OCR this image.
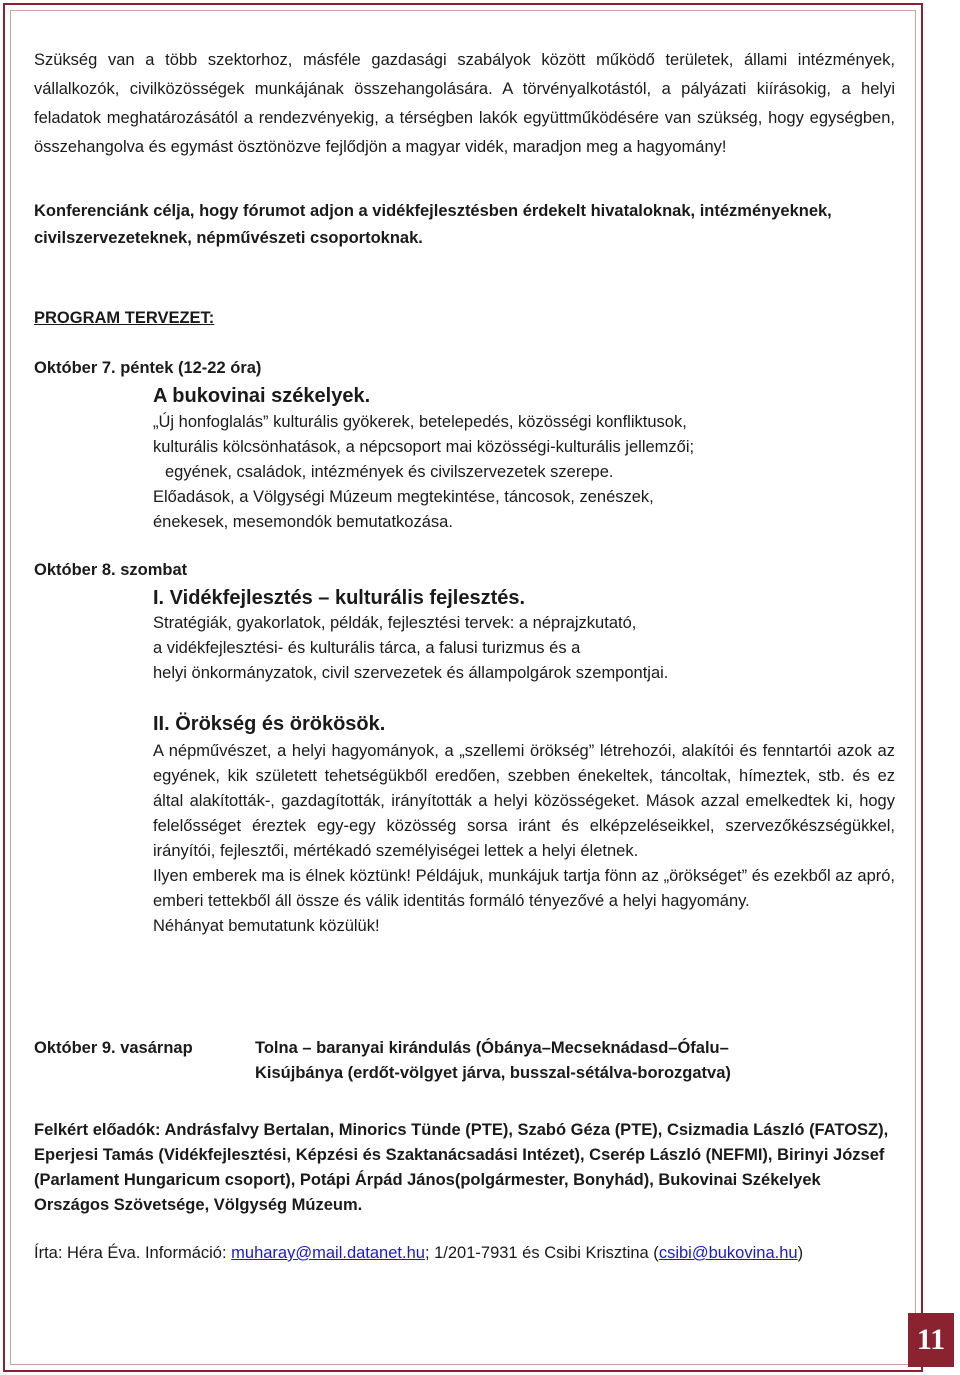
Szükség van a több szektorhoz, másféle gazdasági szabályok között működő területek, állami intézmények, vállalkozók, civilközösségek munkájának összehangolására. A törvényalkotástól, a pályázati kiírásokig, a helyi feladatok meghatározásától a rendezvényekig, a térségben lakók együttműködésére van szükség, hogy egységben, összehangolva és egymást ösztönözve fejlődjön a magyar vidék, maradjon meg a hagyomány!

Konferenciánk célja, hogy fórumot adjon a vidékfejlesztésben érdekelt hivataloknak, intézményeknek, civilszervezeteknek, népművészeti csoportoknak.

PROGRAM TERVEZET:

Október 7. péntek (12-22 óra)

A bukovinai székelyek.

„Új honfoglalás” kulturális gyökerek, betelepedés, közösségi konfliktusok,
kulturális kölcsönhatások, a népcsoport mai közösségi-kulturális jellemzői;
egyének, családok, intézmények és civilszervezetek szerepe.
Előadások, a Völgységi Múzeum megtekintése, táncosok, zenészek,
énekesek, mesemondók bemutatkozása.

Október 8. szombat

I. Vidékfejlesztés – kulturális fejlesztés.

Stratégiák, gyakorlatok, példák, fejlesztési tervek: a néprajzkutató,
a vidékfejlesztési- és kulturális tárca, a falusi turizmus és a
helyi önkormányzatok, civil szervezetek és állampolgárok szempontjai.

II. Örökség és örökösök.

A népművészet, a helyi hagyományok, a „szellemi örökség” létrehozói, alakítói és fenntartói azok az egyének, kik született tehetségükből eredően, szebben énekeltek, táncoltak, hímeztek, stb. és ez által alakították-, gazdagították, irányították a helyi közösségeket. Mások azzal emelkedtek ki, hogy felelősséget éreztek egy-egy közösség sorsa iránt és elképzeléseikkel, szervezőkészségükkel, irányítói, fejlesztői, mértékadó személyiségei lettek a helyi életnek.

Ilyen emberek ma is élnek köztünk! Példájuk, munkájuk tartja fönn az „örökséget” és ezekből az apró, emberi tettekből áll össze és válik identitás formáló tényezővé a helyi hagyomány.

Néhányat bemutatunk közülük!

Október 9. vasárnap	Tolna – baranyai kirándulás (Óbánya–Mecseknádasd–Ófalu–
Kisújbánya (erdőt-völgyet járva, busszal-sétálva-borozgatva)

Felkért előadók: Andrásfalvy Bertalan, Minorics Tünde (PTE), Szabó Géza (PTE), Csizmadia László (FATOSZ), Eperjesi Tamás (Vidékfejlesztési, Képzési és Szaktanácsadási Intézet), Cserép László (NEFMI), Birinyi József (Parlament Hungaricum csoport), Potápi Árpád János(polgármester, Bonyhád), Bukovinai Székelyek Országos Szövetsége, Völgység Múzeum.

Írta: Héra Éva. Információ: muharay@mail.datanet.hu; 1/201-7931 és Csibi Krisztina (csibi@bukovina.hu)

11
